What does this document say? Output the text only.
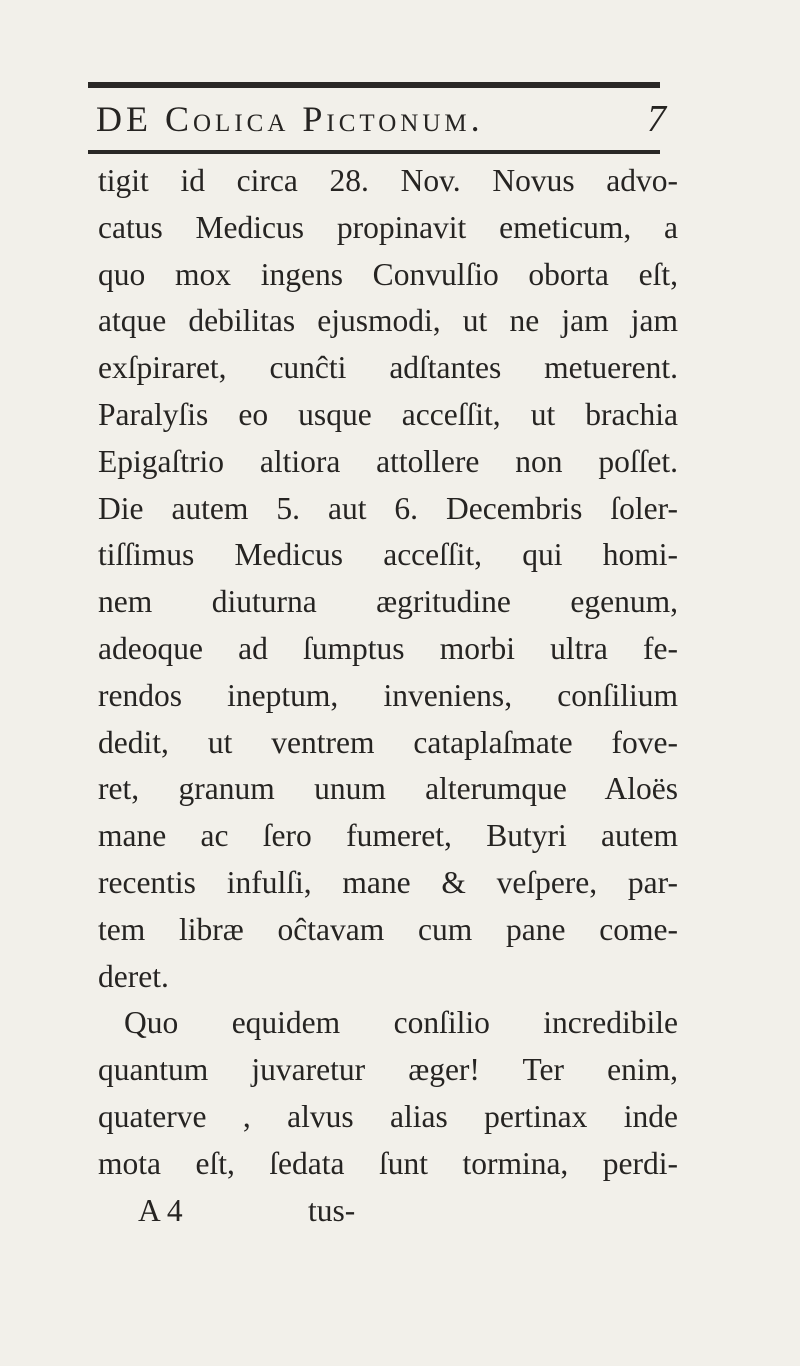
DE Colica Pictonum.	7
tigit id circa 28. Nov. Novus advo-
catus Medicus propinavit emeticum, a
quo mox ingens Convulſio oborta eſt,
atque debilitas ejusmodi, ut ne jam jam
exſpiraret, cunĉti adſtantes metuerent.
Paralyſis eo usque acceſſit, ut brachia
Epigaſtrio altiora attollere non poſſet.
Die autem 5. aut 6. Decembris ſoler-
tiſſimus Medicus acceſſit, qui homi-
nem diuturna ægritudine egenum,
adeoque ad ſumptus morbi ultra fe-
rendos ineptum, inveniens, conſilium
dedit, ut ventrem cataplaſmate fove-
ret, granum unum alterumque Aloës
mane ac ſero fumeret, Butyri autem
recentis infulſi, mane & veſpere, par-
tem libræ oĉtavam cum pane come-
deret.
Quo equidem conſilio incredibile
quantum juvaretur æger! Ter enim,
quaterve , alvus alias pertinax inde
mota eſt, ſedata ſunt tormina, perdi-
A 4	tus-
